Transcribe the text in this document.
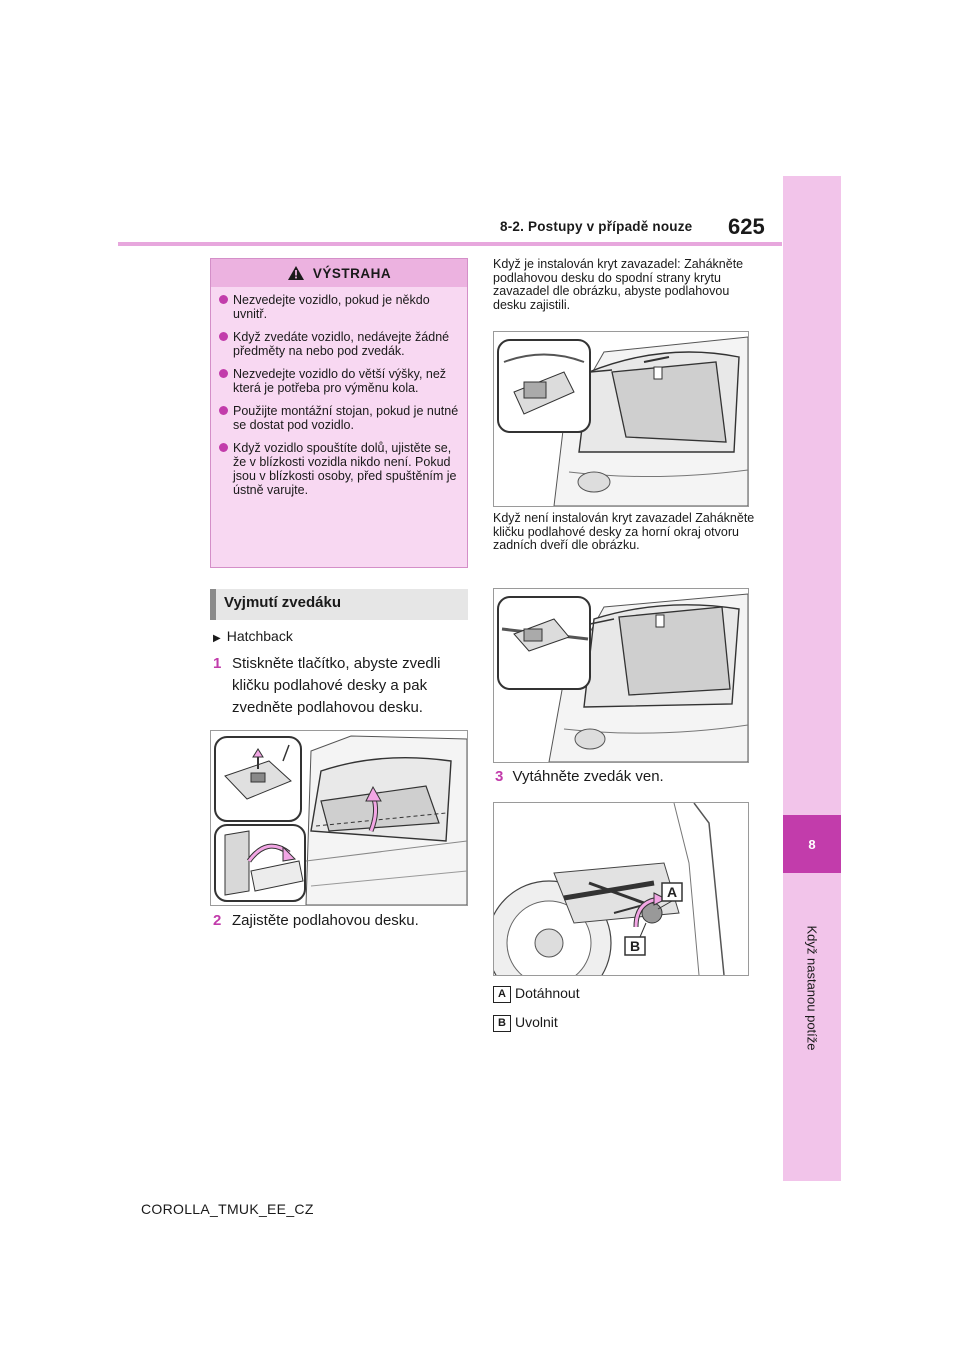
8-2. Postupy v případě nouze	625
8
Když nastanou potíže
VÝSTRAHA
Nezvedejte vozidlo, pokud je někdo uvnitř.
Když zvedáte vozidlo, nedávejte žádné předměty na nebo pod zvedák.
Nezvedejte vozidlo do větší výšky, než která je potřeba pro výměnu kola.
Použijte montážní stojan, pokud je nutné se dostat pod vozidlo.
Když vozidlo spouštíte dolů, ujistěte se, že v blízkosti vozidla nikdo není. Pokud jsou v blízkosti osoby, před spuštěním je ústně varujte.
Vyjmutí zvedáku
▶ Hatchback
1 Stiskněte tlačítko, abyste zvedli kličku podlahové desky a pak zvedněte podlahovou desku.
2 Zajistěte podlahovou desku.
Když je instalován kryt zavazadel: Zahákněte podlahovou desku do spodní strany krytu zavazadel dle obrázku, abyste podlahovou desku zajistili.
Když není instalován kryt zavazadel Zahákněte kličku podlahové desky za horní okraj otvoru zadních dveří dle obrázku.
3 Vytáhněte zvedák ven.
A
B
A Dotáhnout
B Uvolnit
COROLLA_TMUK_EE_CZ
